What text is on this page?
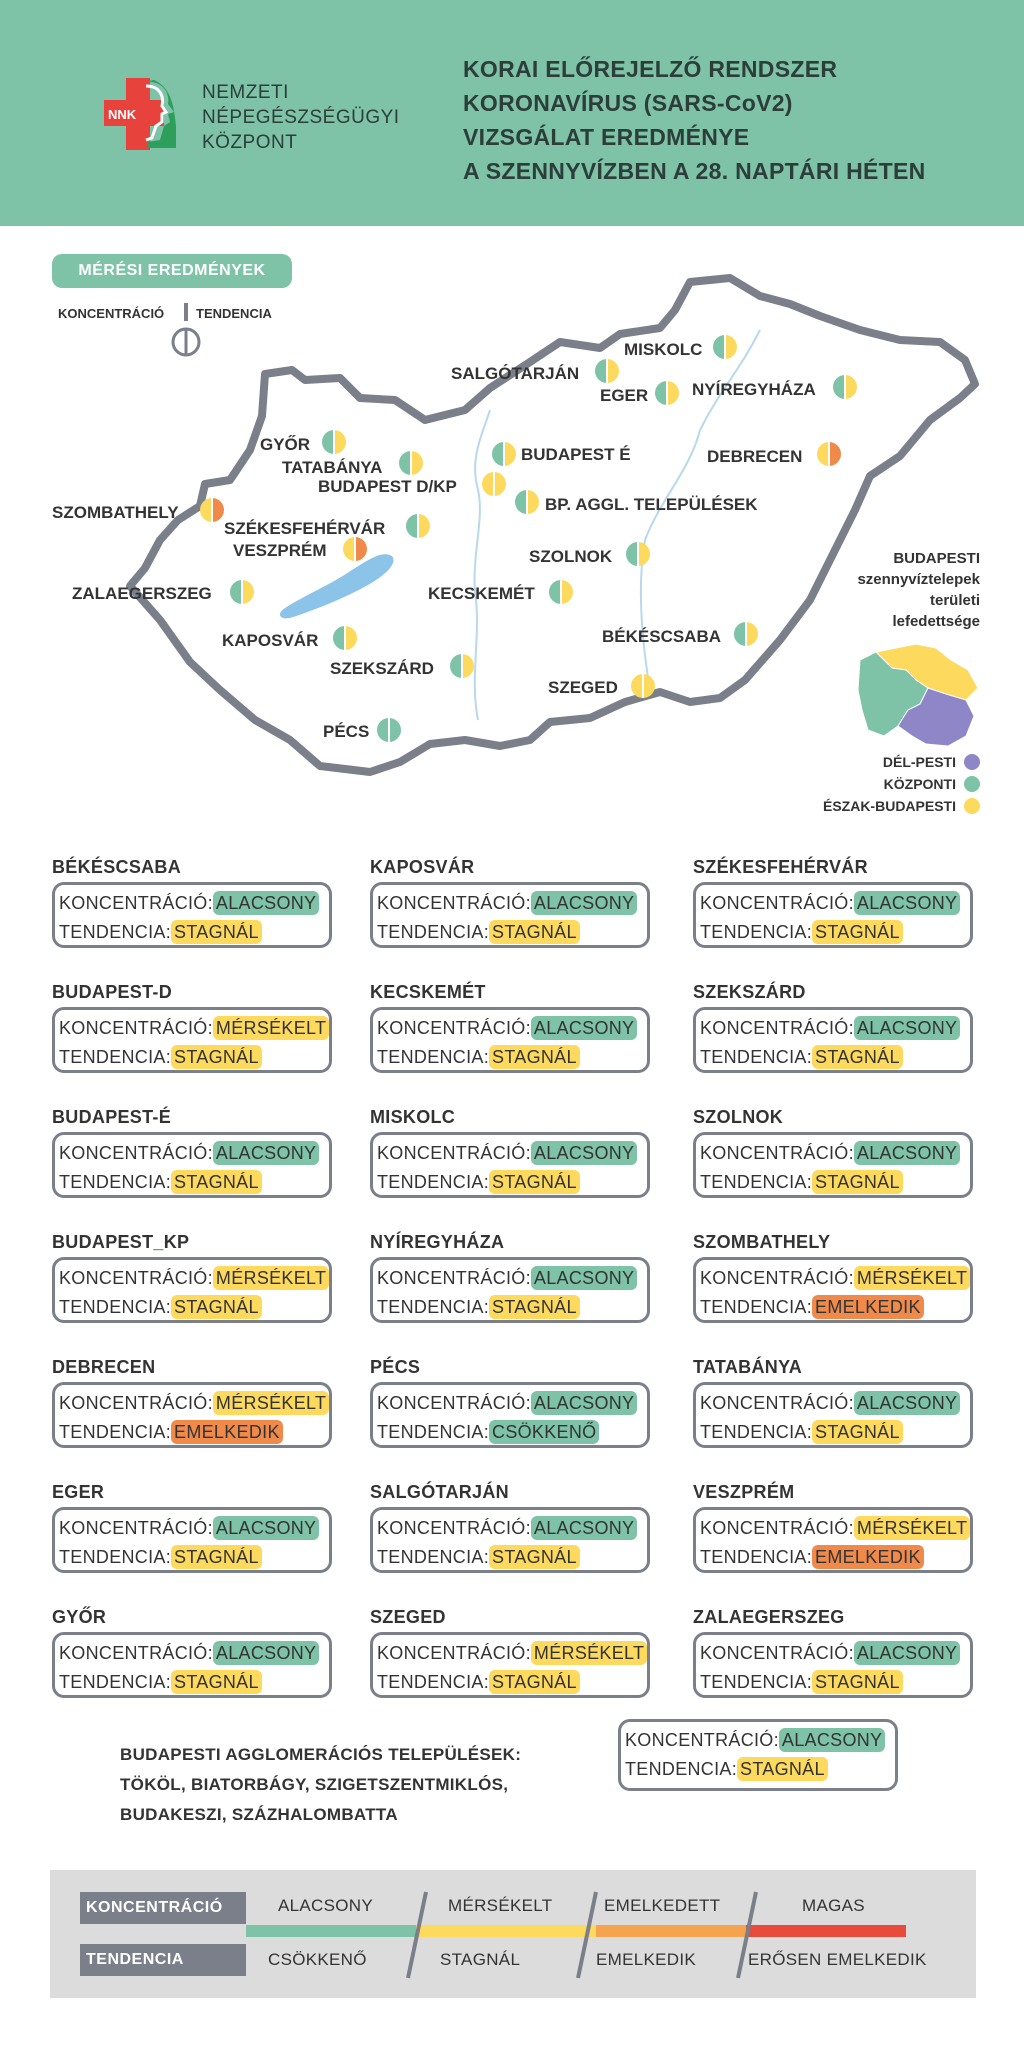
NNK
NEMZETI
NÉPEGÉSZSÉGÜGYI
KÖZPONT
KORAI ELŐREJELZŐ RENDSZER
KORONAVÍRUS (SARS-CoV2)
VIZSGÁLAT EREDMÉNYE
A SZENNYVÍZBEN A 28. NAPTÁRI HÉTEN
MÉRÉSI EREDMÉNYEK
KONCENTRÁCIÓ TENDENCIA
MISKOLC
SALGÓTARJÁN
EGER	NYÍREGYHÁZA
GYŐR
TATABÁNYA
BUDAPEST É
BUDAPEST D/KP
DEBRECEN
BP. AGGL. TELEPÜLÉSEK
SZOMBATHELY
SZÉKESFEHÉRVÁR
VESZPRÉM	SZOLNOK
ZALAEGERSZEG	KECSKEMÉT
BÉKÉSCSABA
KAPOSVÁR
SZEKSZÁRD
SZEGED
PÉCS
BUDAPESTI
szennyvíztelepek
területi
lefedettsége
DÉL-PESTI
KÖZPONTI
ÉSZAK-BUDAPESTI
BÉKÉSCSABA
KONCENTRÁCIÓ: ALACSONY
TENDENCIA: STAGNÁL
KAPOSVÁR
KONCENTRÁCIÓ: ALACSONY
TENDENCIA: STAGNÁL
SZÉKESFEHÉRVÁR
KONCENTRÁCIÓ: ALACSONY
TENDENCIA: STAGNÁL
BUDAPEST-D
KONCENTRÁCIÓ: MÉRSÉKELT
TENDENCIA: STAGNÁL
KECSKEMÉT
KONCENTRÁCIÓ: ALACSONY
TENDENCIA: STAGNÁL
SZEKSZÁRD
KONCENTRÁCIÓ: ALACSONY
TENDENCIA: STAGNÁL
BUDAPEST-É
KONCENTRÁCIÓ: ALACSONY
TENDENCIA: STAGNÁL
MISKOLC
KONCENTRÁCIÓ: ALACSONY
TENDENCIA: STAGNÁL
SZOLNOK
KONCENTRÁCIÓ: ALACSONY
TENDENCIA: STAGNÁL
BUDAPEST_KP
KONCENTRÁCIÓ: MÉRSÉKELT
TENDENCIA: STAGNÁL
NYÍREGYHÁZA
KONCENTRÁCIÓ: ALACSONY
TENDENCIA: STAGNÁL
SZOMBATHELY
KONCENTRÁCIÓ: MÉRSÉKELT
TENDENCIA: EMELKEDIK
DEBRECEN
KONCENTRÁCIÓ: MÉRSÉKELT
TENDENCIA: EMELKEDIK
PÉCS
KONCENTRÁCIÓ: ALACSONY
TENDENCIA: CSÖKKENŐ
TATABÁNYA
KONCENTRÁCIÓ: ALACSONY
TENDENCIA: STAGNÁL
EGER
KONCENTRÁCIÓ: ALACSONY
TENDENCIA: STAGNÁL
SALGÓTARJÁN
KONCENTRÁCIÓ: ALACSONY
TENDENCIA: STAGNÁL
VESZPRÉM
KONCENTRÁCIÓ: MÉRSÉKELT
TENDENCIA: EMELKEDIK
GYŐR
KONCENTRÁCIÓ: ALACSONY
TENDENCIA: STAGNÁL
SZEGED
KONCENTRÁCIÓ: MÉRSÉKELT
TENDENCIA: STAGNÁL
ZALAEGERSZEG
KONCENTRÁCIÓ: ALACSONY
TENDENCIA: STAGNÁL
BUDAPESTI AGGLOMERÁCIÓS TELEPÜLÉSEK:
TÖKÖL, BIATORBÁGY, SZIGETSZENTMIKLÓS,
BUDAKESZI, SZÁZHALOMBATTA
KONCENTRÁCIÓ: ALACSONY
TENDENCIA: STAGNÁL
KONCENTRÁCIÓ
TENDENCIA
ALACSONY	MÉRSÉKELT	EMELKEDETT	MAGAS
CSÖKKENŐ	STAGNÁL	EMELKEDIK	ERŐSEN EMELKEDIK
